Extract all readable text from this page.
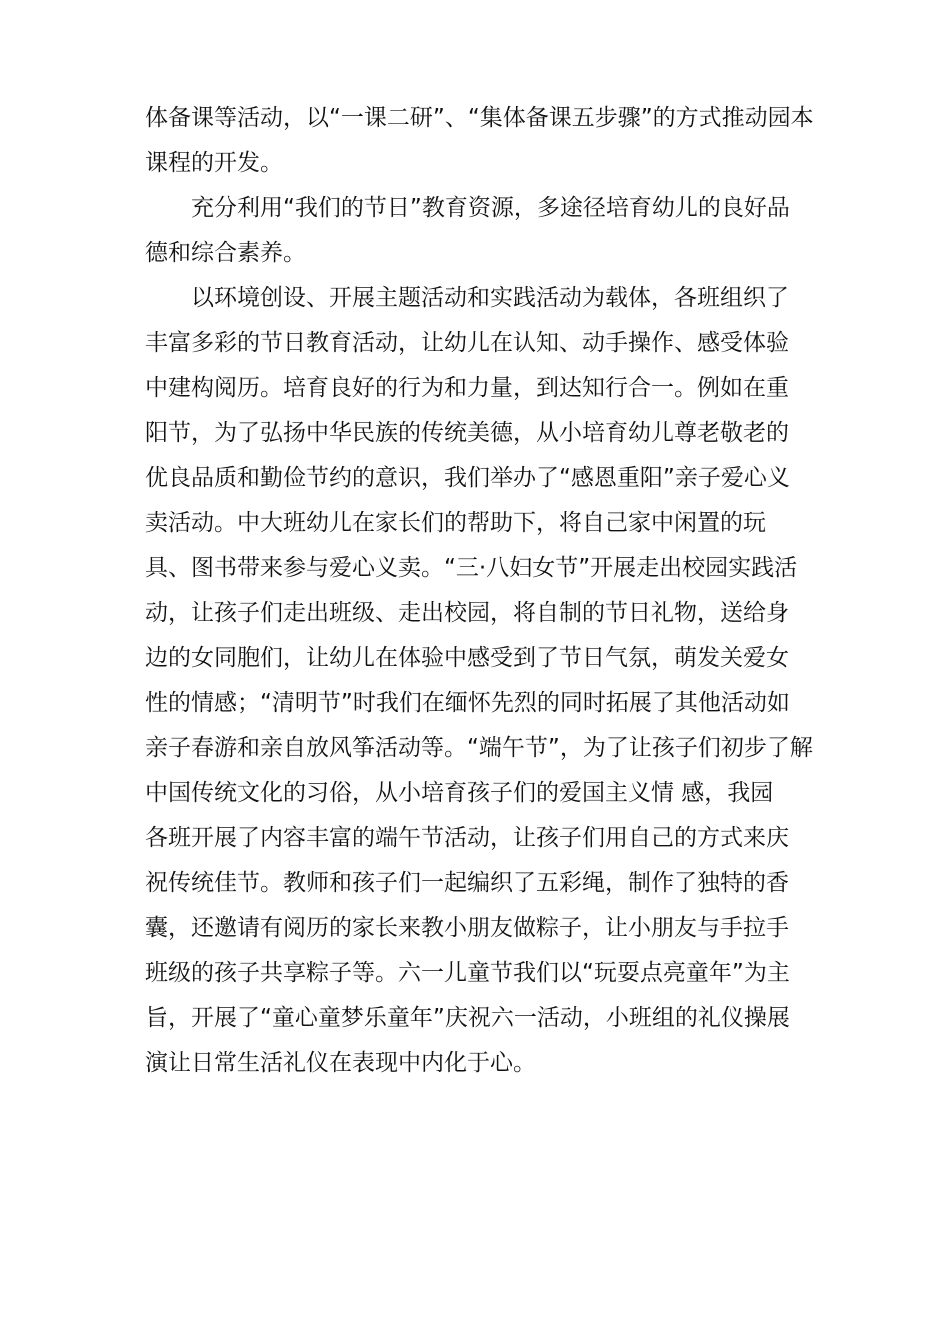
体备课等活动，以“一课二研”、“集体备课五步骤”的方式推动园本
课程的开发。
充分利用“我们的节日”教育资源，多途径培育幼儿的良好品
德和综合素养。
以环境创设、开展主题活动和实践活动为载体，各班组织了
丰富多彩的节日教育活动，让幼儿在认知、动手操作、感受体验
中建构阅历。培育良好的行为和力量，到达知行合一。例如在重
阳节，为了弘扬中华民族的传统美德，从小培育幼儿尊老敬老的
优良品质和勤俭节约的意识，我们举办了“感恩重阳”亲子爱心义
卖活动。中大班幼儿在家长们的帮助下，将自己家中闲置的玩
具、图书带来参与爱心义卖。“三·八妇女节”开展走出校园实践活
动，让孩子们走出班级、走出校园，将自制的节日礼物，送给身
边的女同胞们，让幼儿在体验中感受到了节日气氛，萌发关爱女
性的情感；“清明节”时我们在缅怀先烈的同时拓展了其他活动如
亲子春游和亲自放风筝活动等。“端午节”，为了让孩子们初步了解
中国传统文化的习俗，从小培育孩子们的爱国主义情 感，我园
各班开展了内容丰富的端午节活动，让孩子们用自己的方式来庆
祝传统佳节。教师和孩子们一起编织了五彩绳，制作了独特的香
囊，还邀请有阅历的家长来教小朋友做粽子，让小朋友与手拉手
班级的孩子共享粽子等。六一儿童节我们以“玩耍点亮童年”为主
旨，开展了“童心童梦乐童年”庆祝六一活动，小班组的礼仪操展
演让日常生活礼仪在表现中内化于心。
